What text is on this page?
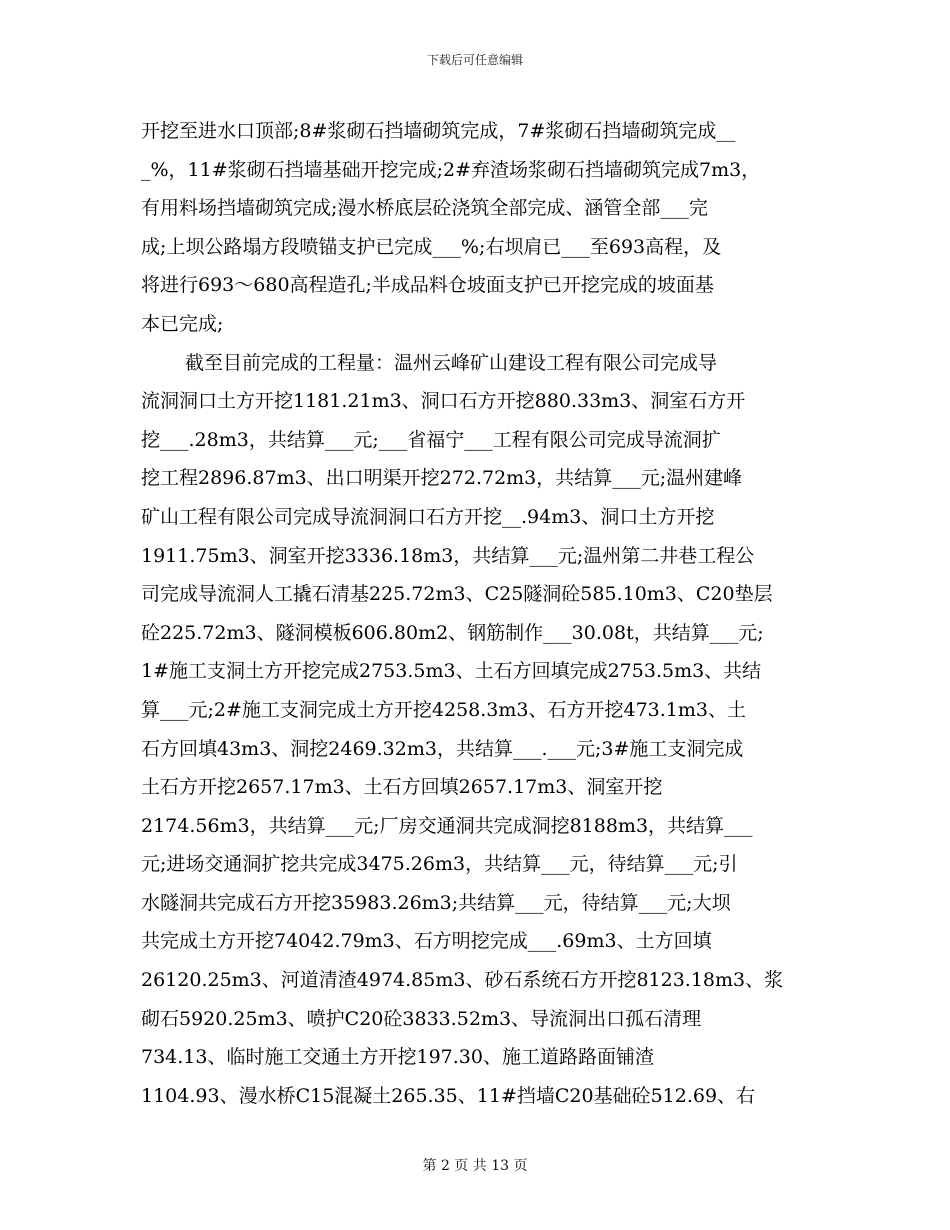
下载后可任意编辑
开挖至进水口顶部;8#浆砌石挡墙砌筑完成，7#浆砌石挡墙砌筑完成__
_%，11#浆砌石挡墙基础开挖完成;2#弃渣场浆砌石挡墙砌筑完成7m3，
有用料场挡墙砌筑完成;漫水桥底层砼浇筑全部完成、涵管全部___完
成;上坝公路塌方段喷锚支护已完成___%;右坝肩已___至693高程，及
将进行693～680高程造孔;半成品料仓坡面支护已开挖完成的坡面基
本已完成;
截至目前完成的工程量：温州云峰矿山建设工程有限公司完成导
流洞洞口土方开挖1181.21m3、洞口石方开挖880.33m3、洞室石方开
挖___.28m3，共结算___元;___省福宁___工程有限公司完成导流洞扩
挖工程2896.87m3、出口明渠开挖272.72m3，共结算___元;温州建峰
矿山工程有限公司完成导流洞洞口石方开挖__.94m3、洞口土方开挖
1911.75m3、洞室开挖3336.18m3，共结算___元;温州第二井巷工程公
司完成导流洞人工撬石清基225.72m3、C25隧洞砼585.10m3、C20垫层
砼225.72m3、隧洞模板606.80m2、钢筋制作___30.08t，共结算___元;
1#施工支洞土方开挖完成2753.5m3、土石方回填完成2753.5m3、共结
算___元;2#施工支洞完成土方开挖4258.3m3、石方开挖473.1m3、土
石方回填43m3、洞挖2469.32m3，共结算___.___元;3#施工支洞完成
土石方开挖2657.17m3、土石方回填2657.17m3、洞室开挖
2174.56m3，共结算___元;厂房交通洞共完成洞挖8188m3，共结算___
元;进场交通洞扩挖共完成3475.26m3，共结算___元，待结算___元;引
水隧洞共完成石方开挖35983.26m3;共结算___元，待结算___元;大坝
共完成土方开挖74042.79m3、石方明挖完成___.69m3、土方回填
26120.25m3、河道清渣4974.85m3、砂石系统石方开挖8123.18m3、浆
砌石5920.25m3、喷护C20砼3833.52m3、导流洞出口孤石清理
734.13、临时施工交通土方开挖197.30、施工道路路面铺渣
1104.93、漫水桥C15混凝土265.35、11#挡墙C20基础砼512.69、右
第 2 页 共 13 页
